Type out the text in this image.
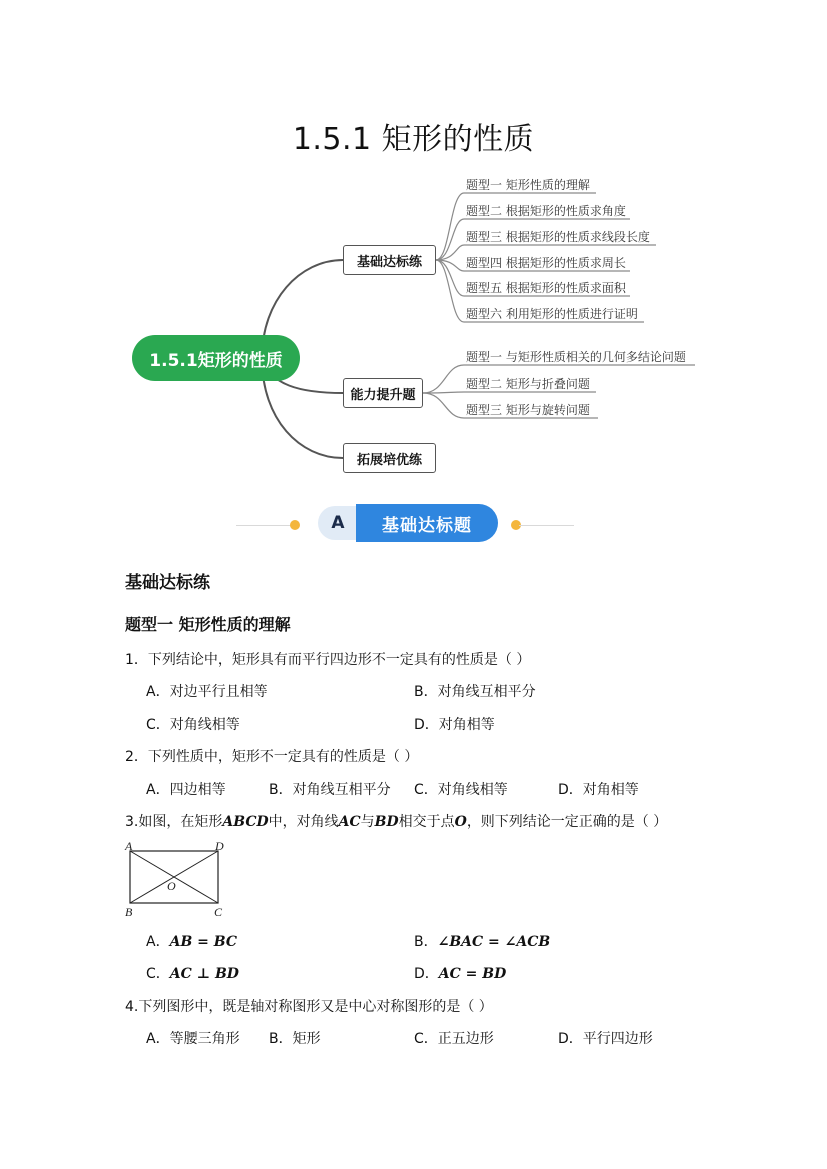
1.5.1 矩形的性质
1.5.1矩形的性质
基础达标练
能力提升题
拓展培优练
题型一 矩形性质的理解
题型二 根据矩形的性质求角度
题型三 根据矩形的性质求线段长度
题型四 根据矩形的性质求周长
题型五 根据矩形的性质求面积
题型六 利用矩形的性质进行证明
题型一 与矩形性质相关的几何多结论问题
题型二 矩形与折叠问题
题型三 矩形与旋转问题
A	基础达标题
基础达标练
题型一 矩形性质的理解
1．下列结论中，矩形具有而平行四边形不一定具有的性质是（ ）
A．对边平行且相等	B．对角线互相平分
C．对角线相等	D．对角相等
2．下列性质中，矩形不一定具有的性质是（ ）
A．四边相等	B．对角线互相平分 C．对角线相等	D．对角相等
3.如图，在矩形ABCD中，对角线AC与BD相交于点O，则下列结论一定正确的是（ ）
A	D
O
B	C
A．AB = BC	B．∠BAC = ∠ACB
C．AC ⊥ BD	D．AC = BD
4.下列图形中，既是轴对称图形又是中心对称图形的是（ ）
A．等腰三角形 B．矩形	C．正五边形	D．平行四边形
